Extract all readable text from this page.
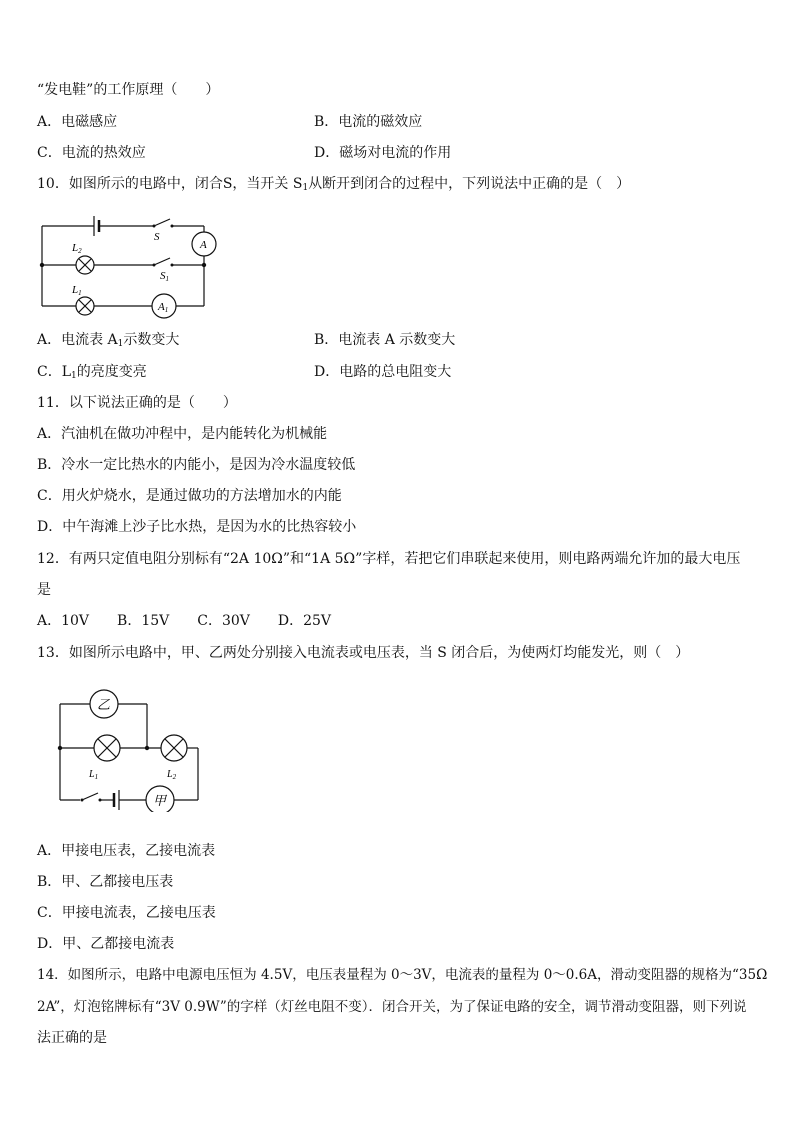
“发电鞋”的工作原理（　　）
A．电磁感应	B．电流的磁效应
C．电流的热效应	D．磁场对电流的作用
10．如图所示的电路中，闭合S，当开关 $S_1$从断开到闭合的过程中，下列说法中正确的是（　）
S
S1
L2
L1
A
A1
A．电流表 $A_1$示数变大	B．电流表 A 示数变大
C．$L_1$的亮度变亮	D．电路的总电阻变大
11．以下说法正确的是（　　）
A．汽油机在做功冲程中，是内能转化为机械能
B．冷水一定比热水的内能小，是因为冷水温度较低
C．用火炉烧水，是通过做功的方法增加水的内能
D．中午海滩上沙子比水热，是因为水的比热容较小
12．有两只定值电阻分别标有“2A 10Ω”和“1A 5Ω”字样，若把它们串联起来使用，则电路两端允许加的最大电压
是
A．10V　　B．15V　　C．30V　　D．25V
13．如图所示电路中，甲、乙两处分别接入电流表或电压表，当 S 闭合后，为使两灯均能发光，则（　）
乙
甲
$L_1$	$L_2$
A．甲接电压表，乙接电流表
B．甲、乙都接电压表
C．甲接电流表，乙接电压表
D．甲、乙都接电流表
14．如图所示，电路中电源电压恒为 4.5V，电压表量程为 0～3V，电流表的量程为 0～0.6A，滑动变阻器的规格为“35Ω
2A”，灯泡铭牌标有“3V 0.9W”的字样（灯丝电阻不变）．闭合开关，为了保证电路的安全，调节滑动变阻器，则下列说
法正确的是
